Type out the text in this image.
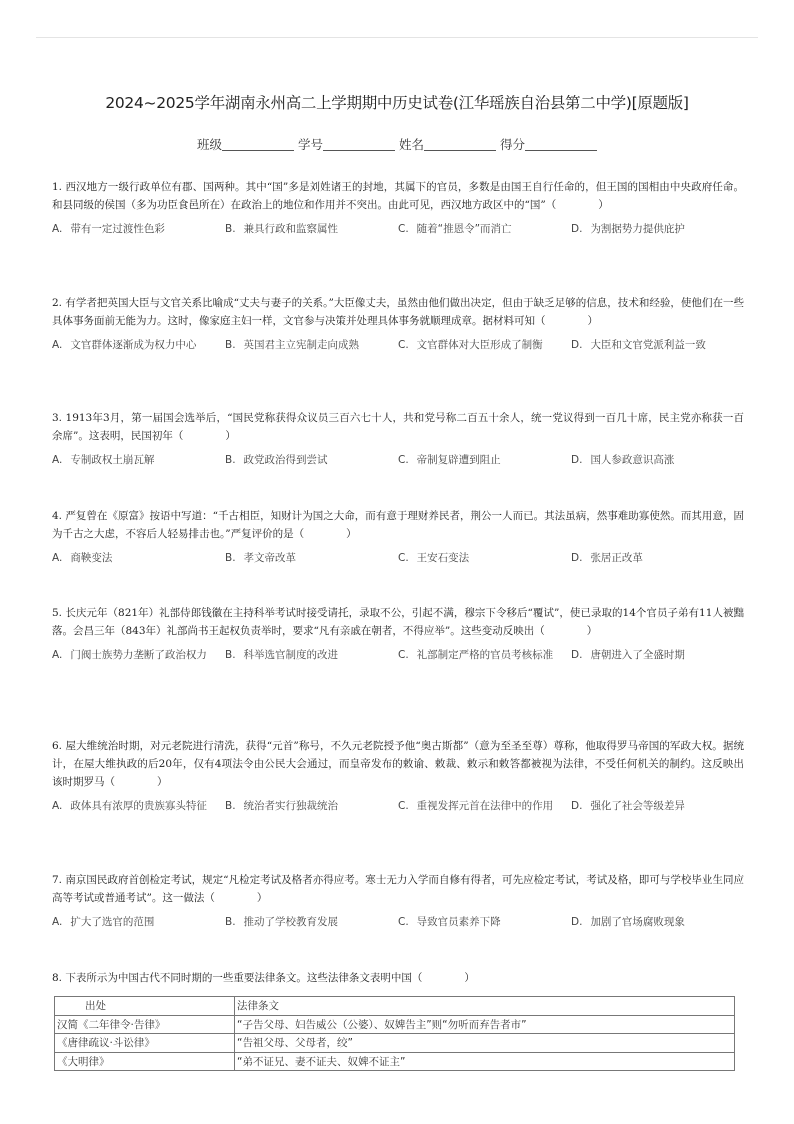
2024~2025学年湖南永州高二上学期期中历史试卷(江华瑶族自治县第二中学)[原题版]
班级	学号	姓名	得分
1. 西汉地方一级行政单位有郡、国两种。其中“国”多是刘姓诸王的封地，其属下的官员，多数是由国王自行任命的，但王国的国相由中央政府任命。和县同级的侯国（多为功臣食邑所在）在政治上的地位和作用并不突出。由此可见，西汉地方政区中的“国”（　　　　）
A. 带有一定过渡性色彩	B. 兼具行政和监察属性	C. 随着“推恩令”而消亡	D. 为割据势力提供庇护
2. 有学者把英国大臣与文官关系比喻成“丈夫与妻子的关系。”大臣像丈夫，虽然由他们做出决定，但由于缺乏足够的信息，技术和经验，使他们在一些具体事务面前无能为力。这时，像家庭主妇一样，文官参与决策并处理具体事务就顺理成章。据材料可知（　　　　）
A. 文官群体逐渐成为权力中心	B. 英国君主立宪制走向成熟	C. 文官群体对大臣形成了制衡	D. 大臣和文官党派利益一致
3. 1913年3月，第一届国会选举后，“国民党称获得众议员三百六七十人，共和党号称二百五十余人，统一党议得到一百几十席，民主党亦称获一百余席”。这表明，民国初年（　　　　）
A. 专制政权土崩瓦解	B. 政党政治得到尝试	C. 帝制复辟遭到阻止	D. 国人参政意识高涨
4. 严复曾在《原富》按语中写道：“千古相臣，知财计为国之大命，而有意于理财养民者，荆公一人而已。其法虽病，然事难助寡使然。而其用意，固为千古之大虑，不容后人轻易排击也。”严复评价的是（　　　　）
A. 商鞅变法	B. 孝文帝改革	C. 王安石变法	D. 张居正改革
5. 长庆元年（821年）礼部侍郎钱徽在主持科举考试时接受请托，录取不公，引起不满，穆宗下令移后“覆试”，使已录取的14个官员子弟有11人被黜落。会昌三年（843年）礼部尚书王起权负责举时，要求“凡有亲戚在朝者，不得应举”。这些变动反映出（　　　　）
A. 门阀士族势力垄断了政治权力	B. 科举选官制度的改进	C. 礼部制定严格的官员考核标准	D. 唐朝进入了全盛时期
6. 屋大维统治时期，对元老院进行清洗，获得“元首”称号，不久元老院授予他“奥古斯都”（意为至圣至尊）尊称，他取得罗马帝国的军政大权。据统计，在屋大维执政的后20年，仅有4项法令由公民大会通过，而皇帝发布的敕谕、敕裁、敕示和敕答都被视为法律，不受任何机关的制约。这反映出该时期罗马（　　　　）
A. 政体具有浓厚的贵族寡头特征	B. 统治者实行独裁统治	C. 重视发挥元首在法律中的作用	D. 强化了社会等级差异
7. 南京国民政府首创检定考试，规定“凡检定考试及格者亦得应考。寒士无力入学而自修有得者，可先应检定考试，考试及格，即可与学校毕业生同应高等考试或普通考试”。这一做法（　　　　）
A. 扩大了选官的范围	B. 推动了学校教育发展	C. 导致官员素养下降	D. 加剧了官场腐败现象
8. 下表所示为中国古代不同时期的一些重要法律条文。这些法律条文表明中国（　　　　）
出处	法律条文
汉简《二年律令·告律》	“子告父母、妇告威公（公婆）、奴婢告主”则“勿听而弃告者市”
《唐律疏议·斗讼律》	“告祖父母、父母者，绞”
《大明律》	“弟不证兄、妻不证夫、奴婢不证主”
